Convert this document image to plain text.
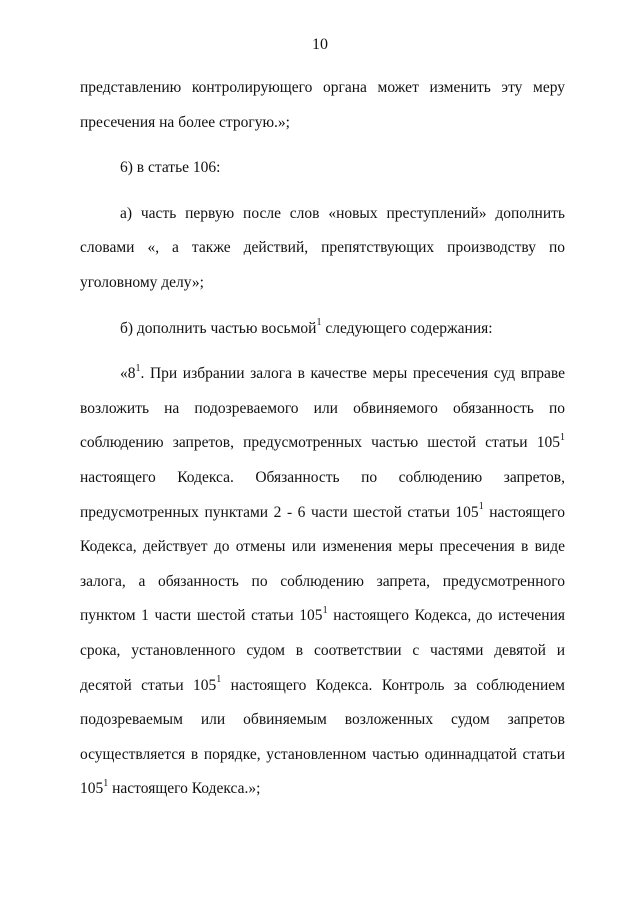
10

представлению контролирующего органа может изменить эту меру пресечения на более строгую.»;

6) в статье 106:

а) часть первую после слов «новых преступлений» дополнить словами «, а также действий, препятствующих производству по уголовному делу»;

б) дополнить частью восьмой$^1$ следующего содержания:

«$8^1$. При избрании залога в качестве меры пресечения суд вправе возложить на подозреваемого или обвиняемого обязанность по соблюдению запретов, предусмотренных частью шестой статьи $105^1$ настоящего Кодекса. Обязанность по соблюдению запретов, предусмотренных пунктами 2 - 6 части шестой статьи $105^1$ настоящего Кодекса, действует до отмены или изменения меры пресечения в виде залога, а обязанность по соблюдению запрета, предусмотренного пунктом 1 части шестой статьи $105^1$ настоящего Кодекса, до истечения срока, установленного судом в соответствии с частями девятой и десятой статьи $105^1$ настоящего Кодекса. Контроль за соблюдением подозреваемым или обвиняемым возложенных судом запретов осуществляется в порядке, установленном частью одиннадцатой статьи $105^1$ настоящего Кодекса.»;
